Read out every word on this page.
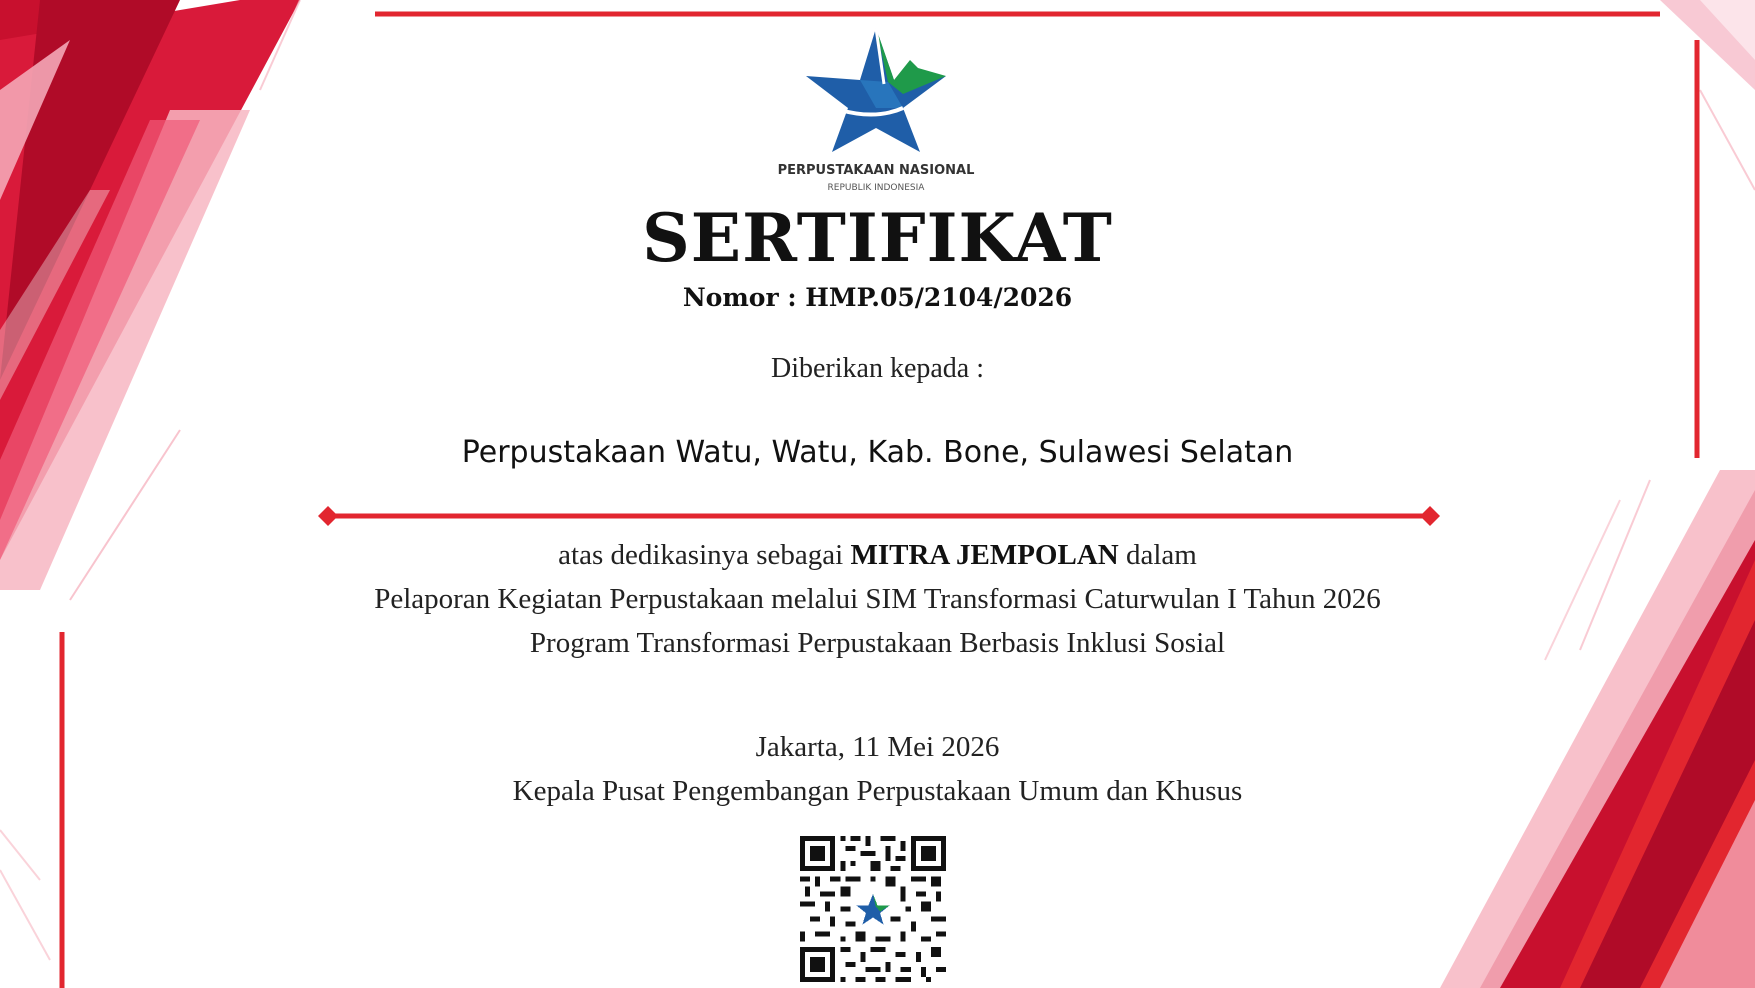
PERPUSTAKAAN NASIONAL
REPUBLIK INDONESIA
SERTIFIKAT
Nomor : HMP.05/2104/2026
Diberikan kepada :
Perpustakaan Watu, Watu, Kab. Bone, Sulawesi Selatan
atas dedikasinya sebagai MITRA JEMPOLAN dalam
Pelaporan Kegiatan Perpustakaan melalui SIM Transformasi Caturwulan I Tahun 2026
Program Transformasi Perpustakaan Berbasis Inklusi Sosial
Jakarta, 11 Mei 2026
Kepala Pusat Pengembangan Perpustakaan Umum dan Khusus
